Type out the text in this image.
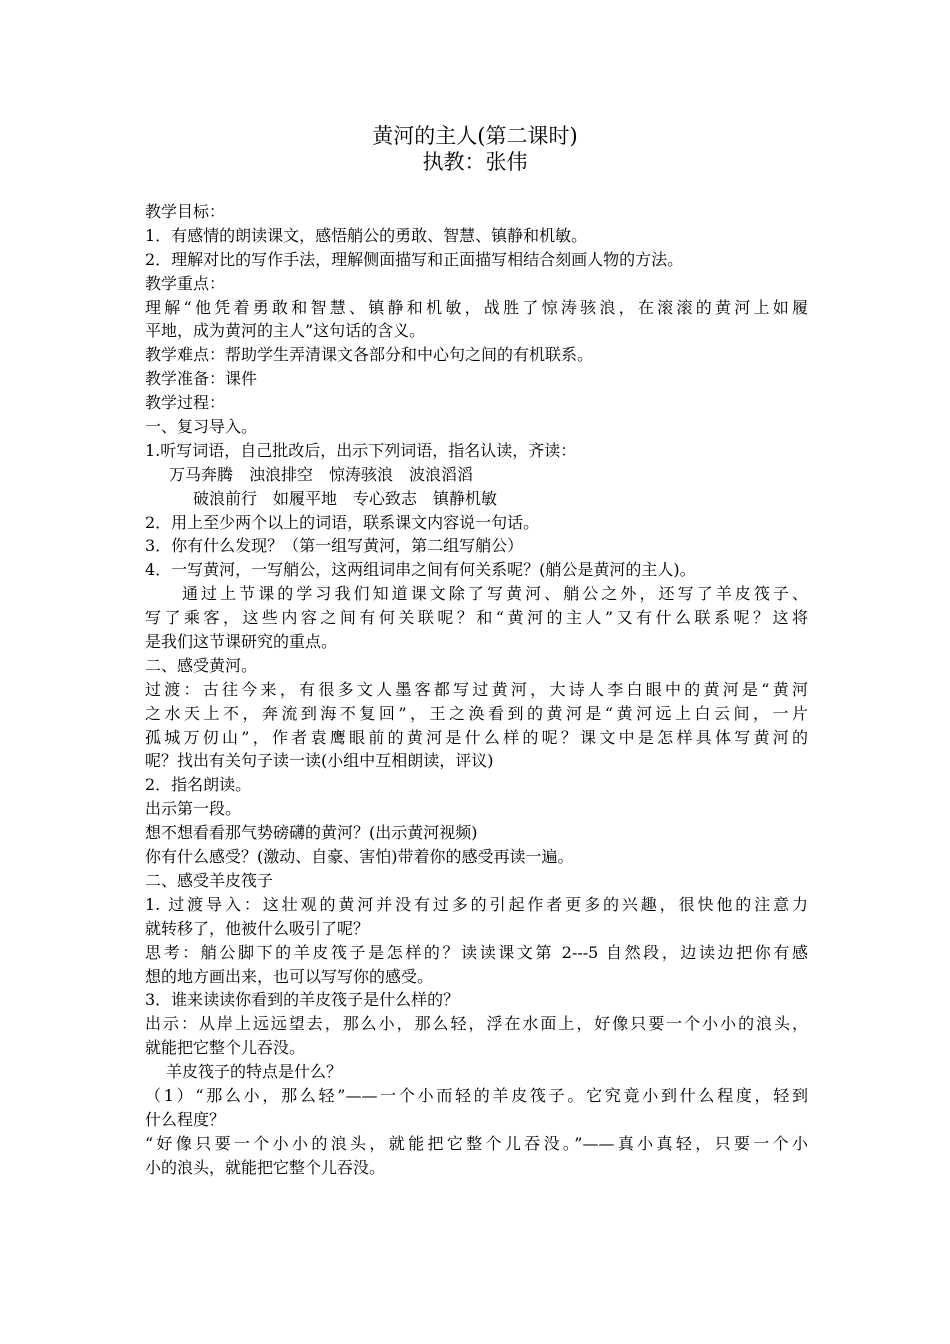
黄河的主人(第二课时)
执教：张伟
教学目标：
1．有感情的朗读课文，感悟艄公的勇敢、智慧、镇静和机敏。
2．理解对比的写作手法，理解侧面描写和正面描写相结合刻画人物的方法。
教学重点：
理解“他凭着勇敢和智慧、镇静和机敏，战胜了惊涛骇浪，在滚滚的黄河上如履
平地，成为黄河的主人”这句话的含义。
教学难点：帮助学生弄清课文各部分和中心句之间的有机联系。
教学准备：课件
教学过程：
一、复习导入。
1.听写词语，自己批改后，出示下列词语，指名认读，齐读：
万马奔腾　浊浪排空　惊涛骇浪　波浪滔滔
破浪前行　如履平地　专心致志　镇静机敏
2．用上至少两个以上的词语，联系课文内容说一句话。
3．你有什么发现？（第一组写黄河，第二组写艄公）
4．一写黄河，一写艄公，这两组词串之间有何关系呢？(艄公是黄河的主人)。
通过上节课的学习我们知道课文除了写黄河、艄公之外，还写了羊皮筏子、
写了乘客，这些内容之间有何关联呢？和“黄河的主人”又有什么联系呢？这将
是我们这节课研究的重点。
二、感受黄河。
过渡：古往今来，有很多文人墨客都写过黄河，大诗人李白眼中的黄河是“黄河
之水天上不，奔流到海不复回”，王之涣看到的黄河是“黄河远上白云间，一片
孤城万仞山”，作者袁鹰眼前的黄河是什么样的呢？课文中是怎样具体写黄河的
呢？找出有关句子读一读(小组中互相朗读，评议)
2．指名朗读。
出示第一段。
想不想看看那气势磅礴的黄河？(出示黄河视频)
你有什么感受？(激动、自豪、害怕)带着你的感受再读一遍。
二、感受羊皮筏子
1. 过渡导入：这壮观的黄河并没有过多的引起作者更多的兴趣，很快他的注意力
就转移了，他被什么吸引了呢？
思考：艄公脚下的羊皮筏子是怎样的？读读课文第 2---5 自然段，边读边把你有感
想的地方画出来，也可以写写你的感受。
3．谁来读读你看到的羊皮筏子是什么样的？
出示：从岸上远远望去，那么小，那么轻，浮在水面上，好像只要一个小小的浪头，
就能把它整个儿吞没。
羊皮筏子的特点是什么？
（1）“那么小，那么轻”——一个小而轻的羊皮筏子。它究竟小到什么程度，轻到
什么程度？
“好像只要一个小小的浪头，就能把它整个儿吞没。”——真小真轻，只要一个小
小的浪头，就能把它整个儿吞没。
